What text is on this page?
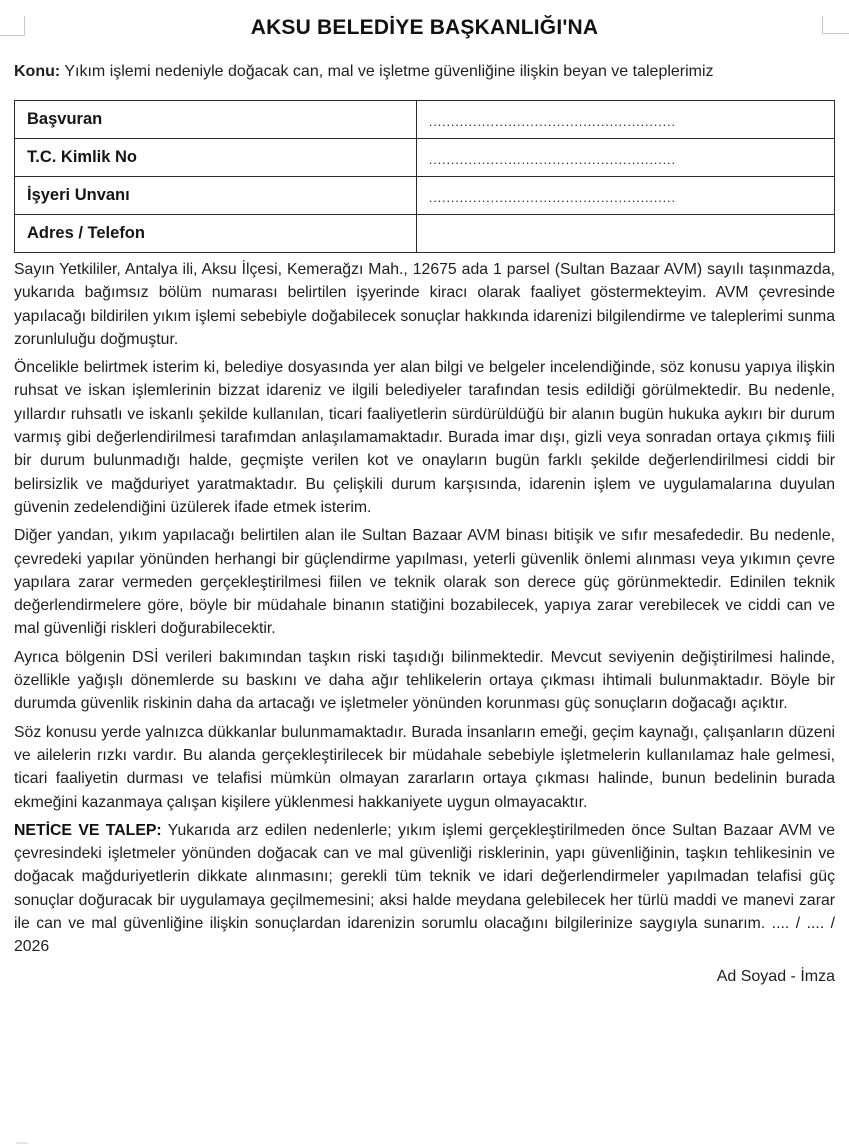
AKSU BELEDİYE BAŞKANLIĞI'NA
Konu: Yıkım işlemi nedeniyle doğacak can, mal ve işletme güvenliğine ilişkin beyan ve taleplerimiz
Başvuran	........................................................
T.C. Kimlik No	........................................................
İşyeri Unvanı	........................................................
Adres / Telefon	

Sayın Yetkililer, Antalya ili, Aksu İlçesi, Kemerağzı Mah., 12675 ada 1 parsel (Sultan Bazaar AVM) sayılı taşınmazda, yukarıda bağımsız bölüm numarası belirtilen işyerinde kiracı olarak faaliyet göstermekteyim. AVM çevresinde yapılacağı bildirilen yıkım işlemi sebebiyle doğabilecek sonuçlar hakkında idarenizi bilgilendirme ve taleplerimi sunma zorunluluğu doğmuştur.

Öncelikle belirtmek isterim ki, belediye dosyasında yer alan bilgi ve belgeler incelendiğinde, söz konusu yapıya ilişkin ruhsat ve iskan işlemlerinin bizzat idareniz ve ilgili belediyeler tarafından tesis edildiği görülmektedir. Bu nedenle, yıllardır ruhsatlı ve iskanlı şekilde kullanılan, ticari faaliyetlerin sürdürüldüğü bir alanın bugün hukuka aykırı bir durum varmış gibi değerlendirilmesi tarafımdan anlaşılamamaktadır. Burada imar dışı, gizli veya sonradan ortaya çıkmış fiili bir durum bulunmadığı halde, geçmişte verilen kot ve onayların bugün farklı şekilde değerlendirilmesi ciddi bir belirsizlik ve mağduriyet yaratmaktadır. Bu çelişkili durum karşısında, idarenin işlem ve uygulamalarına duyulan güvenin zedelendiğini üzülerek ifade etmek isterim.

Diğer yandan, yıkım yapılacağı belirtilen alan ile Sultan Bazaar AVM binası bitişik ve sıfır mesafededir. Bu nedenle, çevredeki yapılar yönünden herhangi bir güçlendirme yapılması, yeterli güvenlik önlemi alınması veya yıkımın çevre yapılara zarar vermeden gerçekleştirilmesi fiilen ve teknik olarak son derece güç görünmektedir. Edinilen teknik değerlendirmelere göre, böyle bir müdahale binanın statiğini bozabilecek, yapıya zarar verebilecek ve ciddi can ve mal güvenliği riskleri doğurabilecektir.

Ayrıca bölgenin DSİ verileri bakımından taşkın riski taşıdığı bilinmektedir. Mevcut seviyenin değiştirilmesi halinde, özellikle yağışlı dönemlerde su baskını ve daha ağır tehlikelerin ortaya çıkması ihtimali bulunmaktadır. Böyle bir durumda güvenlik riskinin daha da artacağı ve işletmeler yönünden korunması güç sonuçların doğacağı açıktır.

Söz konusu yerde yalnızca dükkanlar bulunmamaktadır. Burada insanların emeği, geçim kaynağı, çalışanların düzeni ve ailelerin rızkı vardır. Bu alanda gerçekleştirilecek bir müdahale sebebiyle işletmelerin kullanılamaz hale gelmesi, ticari faaliyetin durması ve telafisi mümkün olmayan zararların ortaya çıkması halinde, bunun bedelinin burada ekmeğini kazanmaya çalışan kişilere yüklenmesi hakkaniyete uygun olmayacaktır.

NETİCE VE TALEP: Yukarıda arz edilen nedenlerle; yıkım işlemi gerçekleştirilmeden önce Sultan Bazaar AVM ve çevresindeki işletmeler yönünden doğacak can ve mal güvenliği risklerinin, yapı güvenliğinin, taşkın tehlikesinin ve doğacak mağduriyetlerin dikkate alınmasını; gerekli tüm teknik ve idari değerlendirmeler yapılmadan telafisi güç sonuçlar doğuracak bir uygulamaya geçilmemesini; aksi halde meydana gelebilecek her türlü maddi ve manevi zarar ile can ve mal güvenliğine ilişkin sonuçlardan idarenizin sorumlu olacağını bilgilerinize saygıyla sunarım. .... / .... / 2026

Ad Soyad - İmza
